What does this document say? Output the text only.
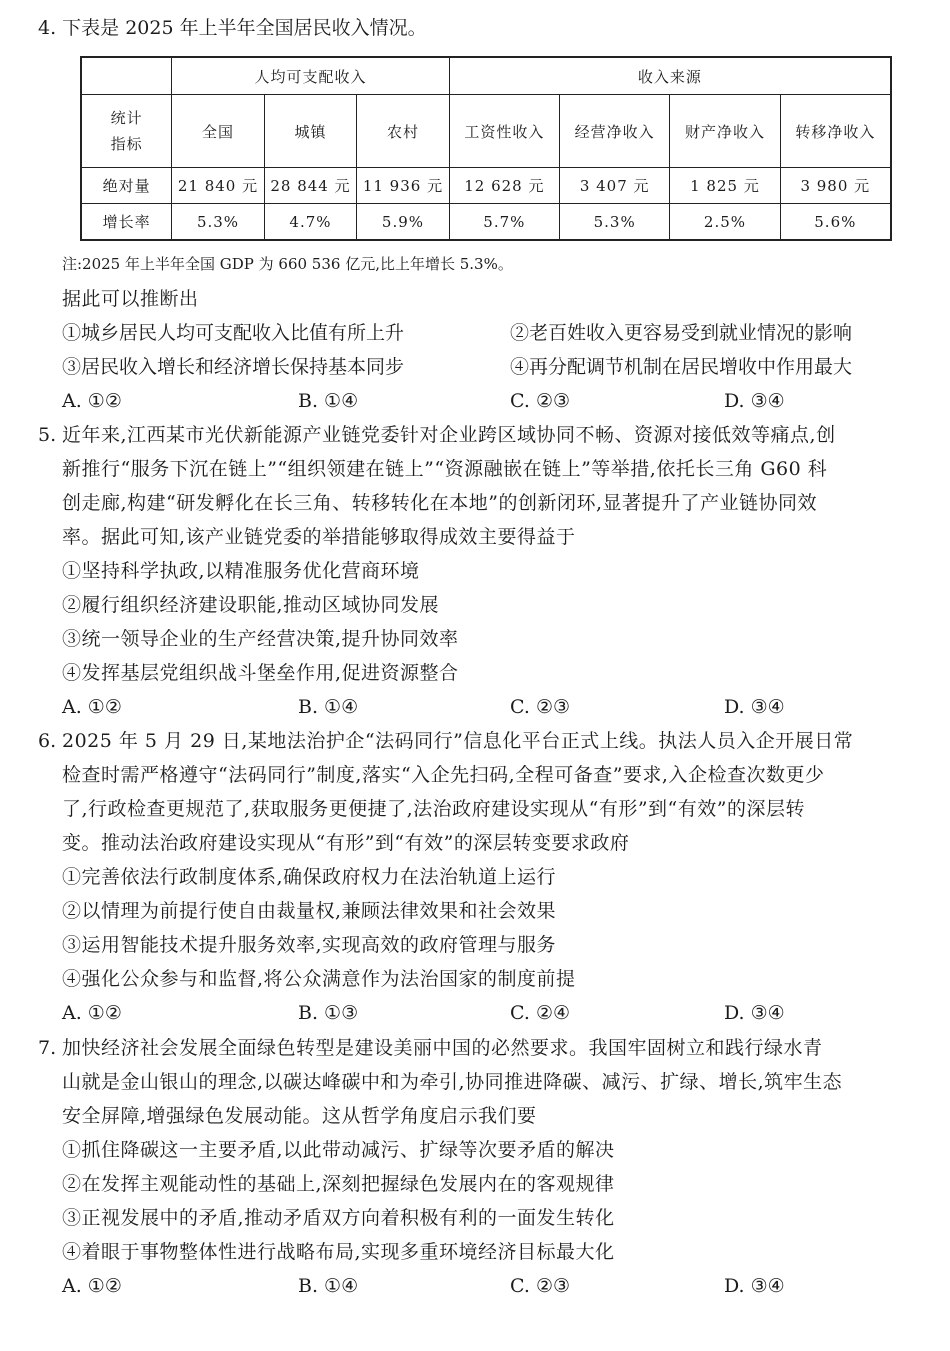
4. 下表是 2025 年上半年全国居民收入情况。
	人均可支配收入			收入来源			

统计
指标	全国	城镇	农村	工资性收入	经营净收入	财产净收入	转移净收入
绝对量	21 840 元	28 844 元	11 936 元	12 628 元	3 407 元	1 825 元	3 980 元
增长率	5.3%	4.7%	5.9%	5.7%	5.3%	2.5%	5.6%
注:2025 年上半年全国 GDP 为 660 536 亿元,比上年增长 5.3%。
据此可以推断出
①城乡居民人均可支配收入比值有所上升	②老百姓收入更容易受到就业情况的影响
③居民收入增长和经济增长保持基本同步	④再分配调节机制在居民增收中作用最大
A. ①②	B. ①④	C. ②③	D. ③④
5. 近年来,江西某市光伏新能源产业链党委针对企业跨区域协同不畅、资源对接低效等痛点,创
新推行“服务下沉在链上”“组织领建在链上”“资源融嵌在链上”等举措,依托长三角 G60 科
创走廊,构建“研发孵化在长三角、转移转化在本地”的创新闭环,显著提升了产业链协同效
率。据此可知,该产业链党委的举措能够取得成效主要得益于
①坚持科学执政,以精准服务优化营商环境
②履行组织经济建设职能,推动区域协同发展
③统一领导企业的生产经营决策,提升协同效率
④发挥基层党组织战斗堡垒作用,促进资源整合
A. ①②	B. ①④	C. ②③	D. ③④
6. 2025 年 5 月 29 日,某地法治护企“法码同行”信息化平台正式上线。执法人员入企开展日常
检查时需严格遵守“法码同行”制度,落实“入企先扫码,全程可备查”要求,入企检查次数更少
了,行政检查更规范了,获取服务更便捷了,法治政府建设实现从“有形”到“有效”的深层转
变。推动法治政府建设实现从“有形”到“有效”的深层转变要求政府
①完善依法行政制度体系,确保政府权力在法治轨道上运行
②以情理为前提行使自由裁量权,兼顾法律效果和社会效果
③运用智能技术提升服务效率,实现高效的政府管理与服务
④强化公众参与和监督,将公众满意作为法治国家的制度前提
A. ①②	B. ①③	C. ②④	D. ③④
7. 加快经济社会发展全面绿色转型是建设美丽中国的必然要求。我国牢固树立和践行绿水青
山就是金山银山的理念,以碳达峰碳中和为牵引,协同推进降碳、减污、扩绿、增长,筑牢生态
安全屏障,增强绿色发展动能。这从哲学角度启示我们要
①抓住降碳这一主要矛盾,以此带动减污、扩绿等次要矛盾的解决
②在发挥主观能动性的基础上,深刻把握绿色发展内在的客观规律
③正视发展中的矛盾,推动矛盾双方向着积极有利的一面发生转化
④着眼于事物整体性进行战略布局,实现多重环境经济目标最大化
A. ①②	B. ①④	C. ②③	D. ③④
